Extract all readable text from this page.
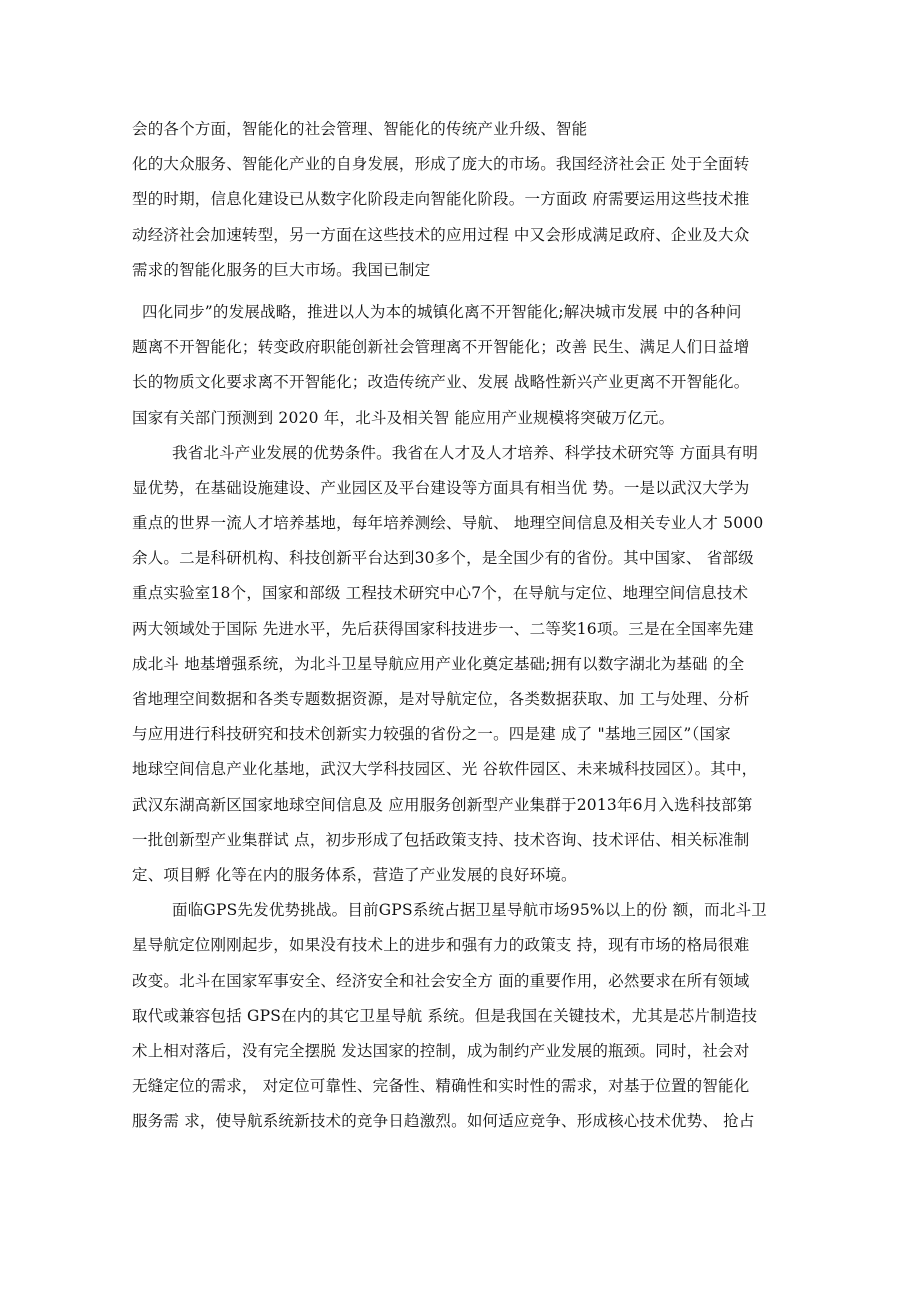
会的各个方面，智能化的社会管理、智能化的传统产业升级、智能
化的大众服务、智能化产业的自身发展，形成了庞大的市场。我国经济社会正 处于全面转
型的时期，信息化建设已从数字化阶段走向智能化阶段。一方面政 府需要运用这些技术推
动经济社会加速转型，另一方面在这些技术的应用过程 中又会形成满足政府、企业及大众
需求的智能化服务的巨大市场。我国已制定
四化同步”的发展战略，推进以人为本的城镇化离不开智能化;解决城市发展 中的各种问
题离不开智能化；转变政府职能创新社会管理离不开智能化；改善 民生、满足人们日益增
长的物质文化要求离不开智能化；改造传统产业、发展 战略性新兴产业更离不开智能化。
国家有关部门预测到 2020 年，北斗及相关智 能应用产业规模将突破万亿元。
我省北斗产业发展的优势条件。我省在人才及人才培养、科学技术研究等 方面具有明
显优势，在基础设施建设、产业园区及平台建设等方面具有相当优 势。一是以武汉大学为
重点的世界一流人才培养基地，每年培养测绘、导航、 地理空间信息及相关专业人才 5000
余人。二是科研机构、科技创新平台达到30多个，是全国少有的省份。其中国家、 省部级
重点实验室18个，国家和部级 工程技术研究中心7个，在导航与定位、地理空间信息技术
两大领域处于国际 先进水平，先后获得国家科技进步一、二等奖16项。三是在全国率先建
成北斗 地基增强系统，为北斗卫星导航应用产业化奠定基础;拥有以数字湖北为基础 的全
省地理空间数据和各类专题数据资源，是对导航定位，各类数据获取、加 工与处理、分析
与应用进行科技研究和技术创新实力较强的省份之一。四是建 成了 "基地三园区”（国家
地球空间信息产业化基地，武汉大学科技园区、光 谷软件园区、未来城科技园区）。其中，
武汉东湖高新区国家地球空间信息及 应用服务创新型产业集群于2013年6月入选科技部第
一批创新型产业集群试 点，初步形成了包括政策支持、技术咨询、技术评估、相关标准制
定、项目孵 化等在内的服务体系，营造了产业发展的良好环境。
面临GPS先发优势挑战。目前GPS系统占据卫星导航市场95%以上的份 额，而北斗卫
星导航定位刚刚起步，如果没有技术上的进步和强有力的政策支 持，现有市场的格局很难
改变。北斗在国家军事安全、经济安全和社会安全方 面的重要作用，必然要求在所有领域
取代或兼容包括 GPS在内的其它卫星导航 系统。但是我国在关键技术，尤其是芯片制造技
术上相对落后，没有完全摆脱 发达国家的控制，成为制约产业发展的瓶颈。同时，社会对
无缝定位的需求， 对定位可靠性、完备性、精确性和实时性的需求，对基于位置的智能化
服务需 求，使导航系统新技术的竞争日趋激烈。如何适应竞争、形成核心技术优势、 抢占
